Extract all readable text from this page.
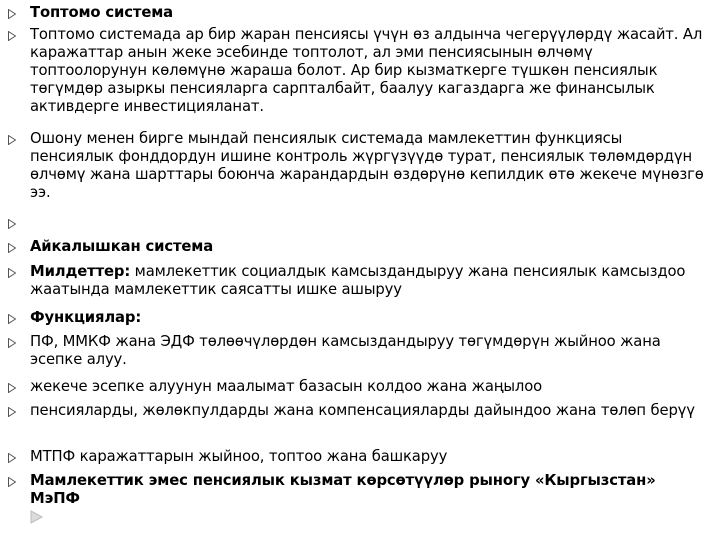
Топтомо система
Топтомо системада ар бир жаран пенсиясы үчүн өз алдынча чегерүүлөрдү жасайт. Ал каражаттар анын жеке эсебинде топтолот, ал эми пенсиясынын өлчөмү топтоолорунун көлөмүнө жараша болот. Ар бир кызматкерге түшкөн пенсиялык төгүмдөр азыркы пенсияларга сарпталбайт, баалуу кагаздарга же финансылык активдерге инвестицияланат.
Ошону менен бирге мындай пенсиялык системада мамлекеттин функциясы пенсиялык фонддордун ишине контроль жүргүзүүдө турат, пенсиялык төлөмдөрдүн өлчөмү жана шарттары боюнча жарандардын өздөрүнө кепилдик өтө жекече мүнөзгө ээ.
Айкалышкан система
Милдеттер: мамлекеттик социалдык камсыздандыруу жана пенсиялык камсыздоо жаатында мамлекеттик саясатты ишке ашыруу
Функциялар:
ПФ, ММКФ жана ЭДФ төлөөчүлөрдөн камсыздандыруу төгүмдөрүн жыйноо жана эсепке алуу.
жекече эсепке алуунун маалымат базасын колдоо жана жаңылоо
пенсияларды, жөлөкпулдарды жана компенсацияларды дайындоо жана төлөп берүү
МТПФ каражаттарын жыйноо, топтоо жана башкаруу
Мамлекеттик эмес пенсиялык кызмат көрсөтүүлөр рыногу «Кыргызстан» МэПФ
